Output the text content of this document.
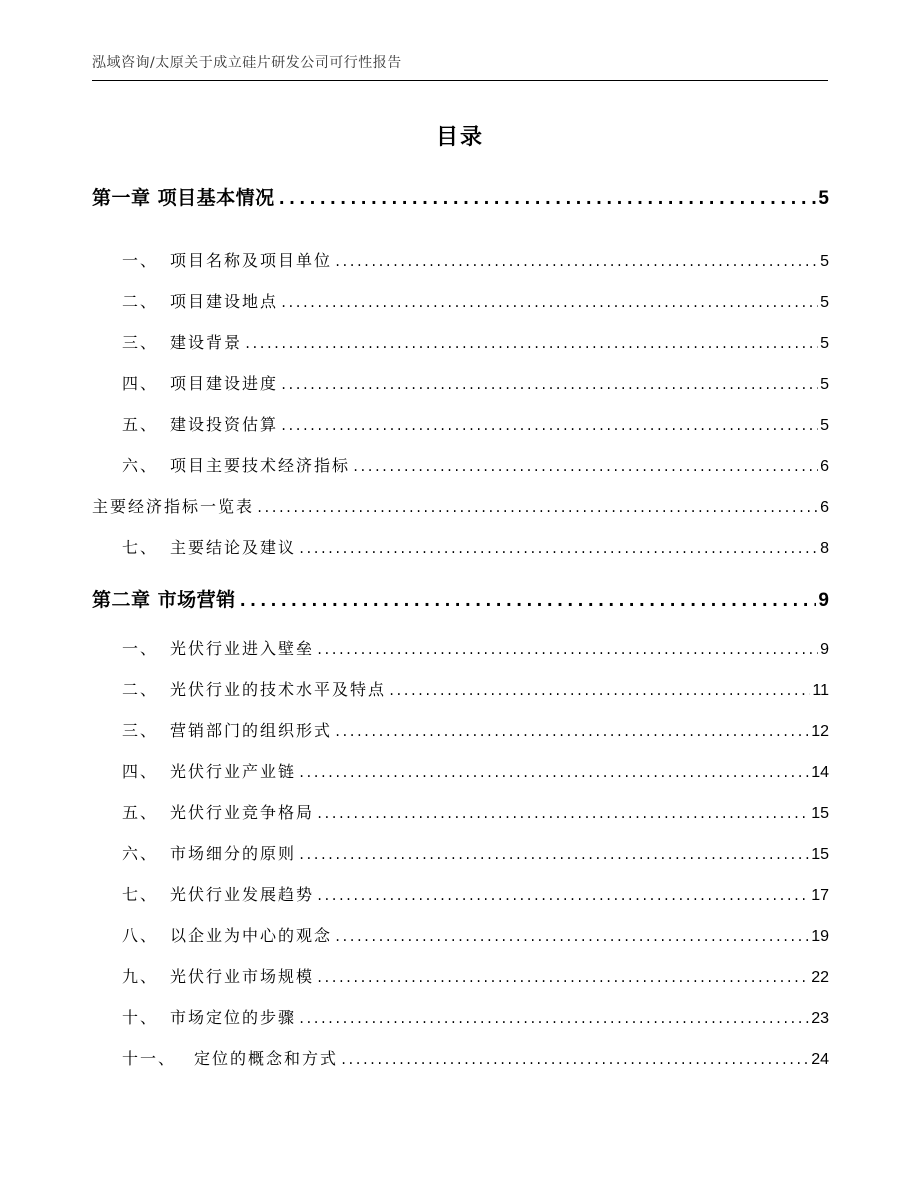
泓域咨询/太原关于成立硅片研发公司可行性报告
目录
第一章 项目基本情况 .....	5
一、 项目名称及项目单位 .....	5
二、 项目建设地点 .....	5
三、 建设背景 .....	5
四、 项目建设进度 .....	5
五、 建设投资估算 .....	5
六、 项目主要技术经济指标 .....	6
主要经济指标一览表 .....	6
七、 主要结论及建议 .....	8
第二章 市场营销 .....	9
一、 光伏行业进入壁垒 .....	9
二、 光伏行业的技术水平及特点 .....	11
三、 营销部门的组织形式 .....	12
四、 光伏行业产业链 .....	14
五、 光伏行业竞争格局 .....	15
六、 市场细分的原则 .....	15
七、 光伏行业发展趋势 .....	17
八、 以企业为中心的观念 .....	19
九、 光伏行业市场规模 .....	22
十、 市场定位的步骤 .....	23
十一、 定位的概念和方式 .....	24
